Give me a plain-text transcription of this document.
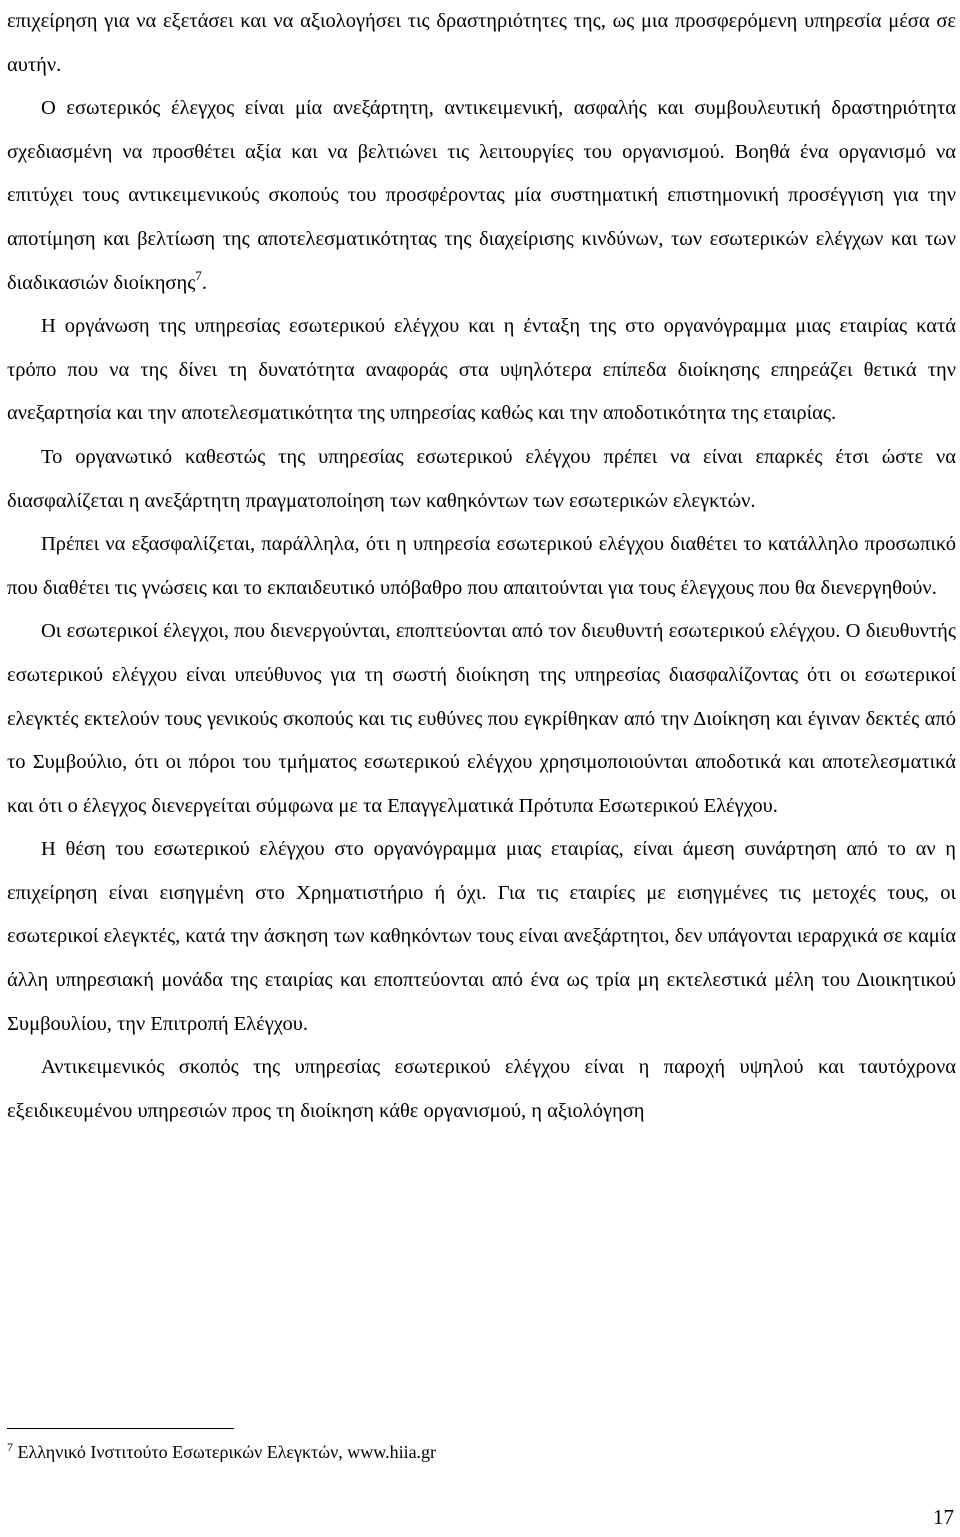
επιχείρηση για να εξετάσει και να αξιολογήσει τις δραστηριότητες της, ως μια προσφερόμενη υπηρεσία μέσα σε αυτήν.

Ο εσωτερικός έλεγχος είναι μία ανεξάρτητη, αντικειμενική, ασφαλής και συμβουλευτική δραστηριότητα σχεδιασμένη να προσθέτει αξία και να βελτιώνει τις λειτουργίες του οργανισμού. Βοηθά ένα οργανισμό να επιτύχει τους αντικειμενικούς σκοπούς του προσφέροντας μία συστηματική επιστημονική προσέγγιση για την αποτίμηση και βελτίωση της αποτελεσματικότητας της διαχείρισης κινδύνων, των εσωτερικών ελέγχων και των διαδικασιών διοίκησης$^7$.

Η οργάνωση της υπηρεσίας εσωτερικού ελέγχου και η ένταξη της στο οργανόγραμμα μιας εταιρίας κατά τρόπο που να της δίνει τη δυνατότητα αναφοράς στα υψηλότερα επίπεδα διοίκησης επηρεάζει θετικά την ανεξαρτησία και την αποτελεσματικότητα της υπηρεσίας καθώς και την αποδοτικότητα της εταιρίας.

Το οργανωτικό καθεστώς της υπηρεσίας εσωτερικού ελέγχου πρέπει να είναι επαρκές έτσι ώστε να διασφαλίζεται η ανεξάρτητη πραγματοποίηση των καθηκόντων των εσωτερικών ελεγκτών.

Πρέπει να εξασφαλίζεται, παράλληλα, ότι η υπηρεσία εσωτερικού ελέγχου διαθέτει το κατάλληλο προσωπικό που διαθέτει τις γνώσεις και το εκπαιδευτικό υπόβαθρο που απαιτούνται για τους έλεγχους που θα διενεργηθούν.

Οι εσωτερικοί έλεγχοι, που διενεργούνται, εποπτεύονται από τον διευθυντή εσωτερικού ελέγχου. Ο διευθυντής εσωτερικού ελέγχου είναι υπεύθυνος για τη σωστή διοίκηση της υπηρεσίας διασφαλίζοντας ότι οι εσωτερικοί ελεγκτές εκτελούν τους γενικούς σκοπούς και τις ευθύνες που εγκρίθηκαν από την Διοίκηση και έγιναν δεκτές από το Συμβούλιο, ότι οι πόροι του τμήματος εσωτερικού ελέγχου χρησιμοποιούνται αποδοτικά και αποτελεσματικά και ότι ο έλεγχος διενεργείται σύμφωνα με τα Επαγγελματικά Πρότυπα Εσωτερικού Ελέγχου.

Η θέση του εσωτερικού ελέγχου στο οργανόγραμμα μιας εταιρίας, είναι άμεση συνάρτηση από το αν η επιχείρηση είναι εισηγμένη στο Χρηματιστήριο ή όχι. Για τις εταιρίες με εισηγμένες τις μετοχές τους, οι εσωτερικοί ελεγκτές, κατά την άσκηση των καθηκόντων τους είναι ανεξάρτητοι, δεν υπάγονται ιεραρχικά σε καμία άλλη υπηρεσιακή μονάδα της εταιρίας και εποπτεύονται από ένα ως τρία μη εκτελεστικά μέλη του Διοικητικού Συμβουλίου, την Επιτροπή Ελέγχου.

Αντικειμενικός σκοπός της υπηρεσίας εσωτερικού ελέγχου είναι η παροχή υψηλού και ταυτόχρονα εξειδικευμένου υπηρεσιών προς τη διοίκηση κάθε οργανισμού, η αξιολόγηση

$^7$ Ελληνικό Ινστιτούτο Εσωτερικών Ελεγκτών, www.hiia.gr
17
